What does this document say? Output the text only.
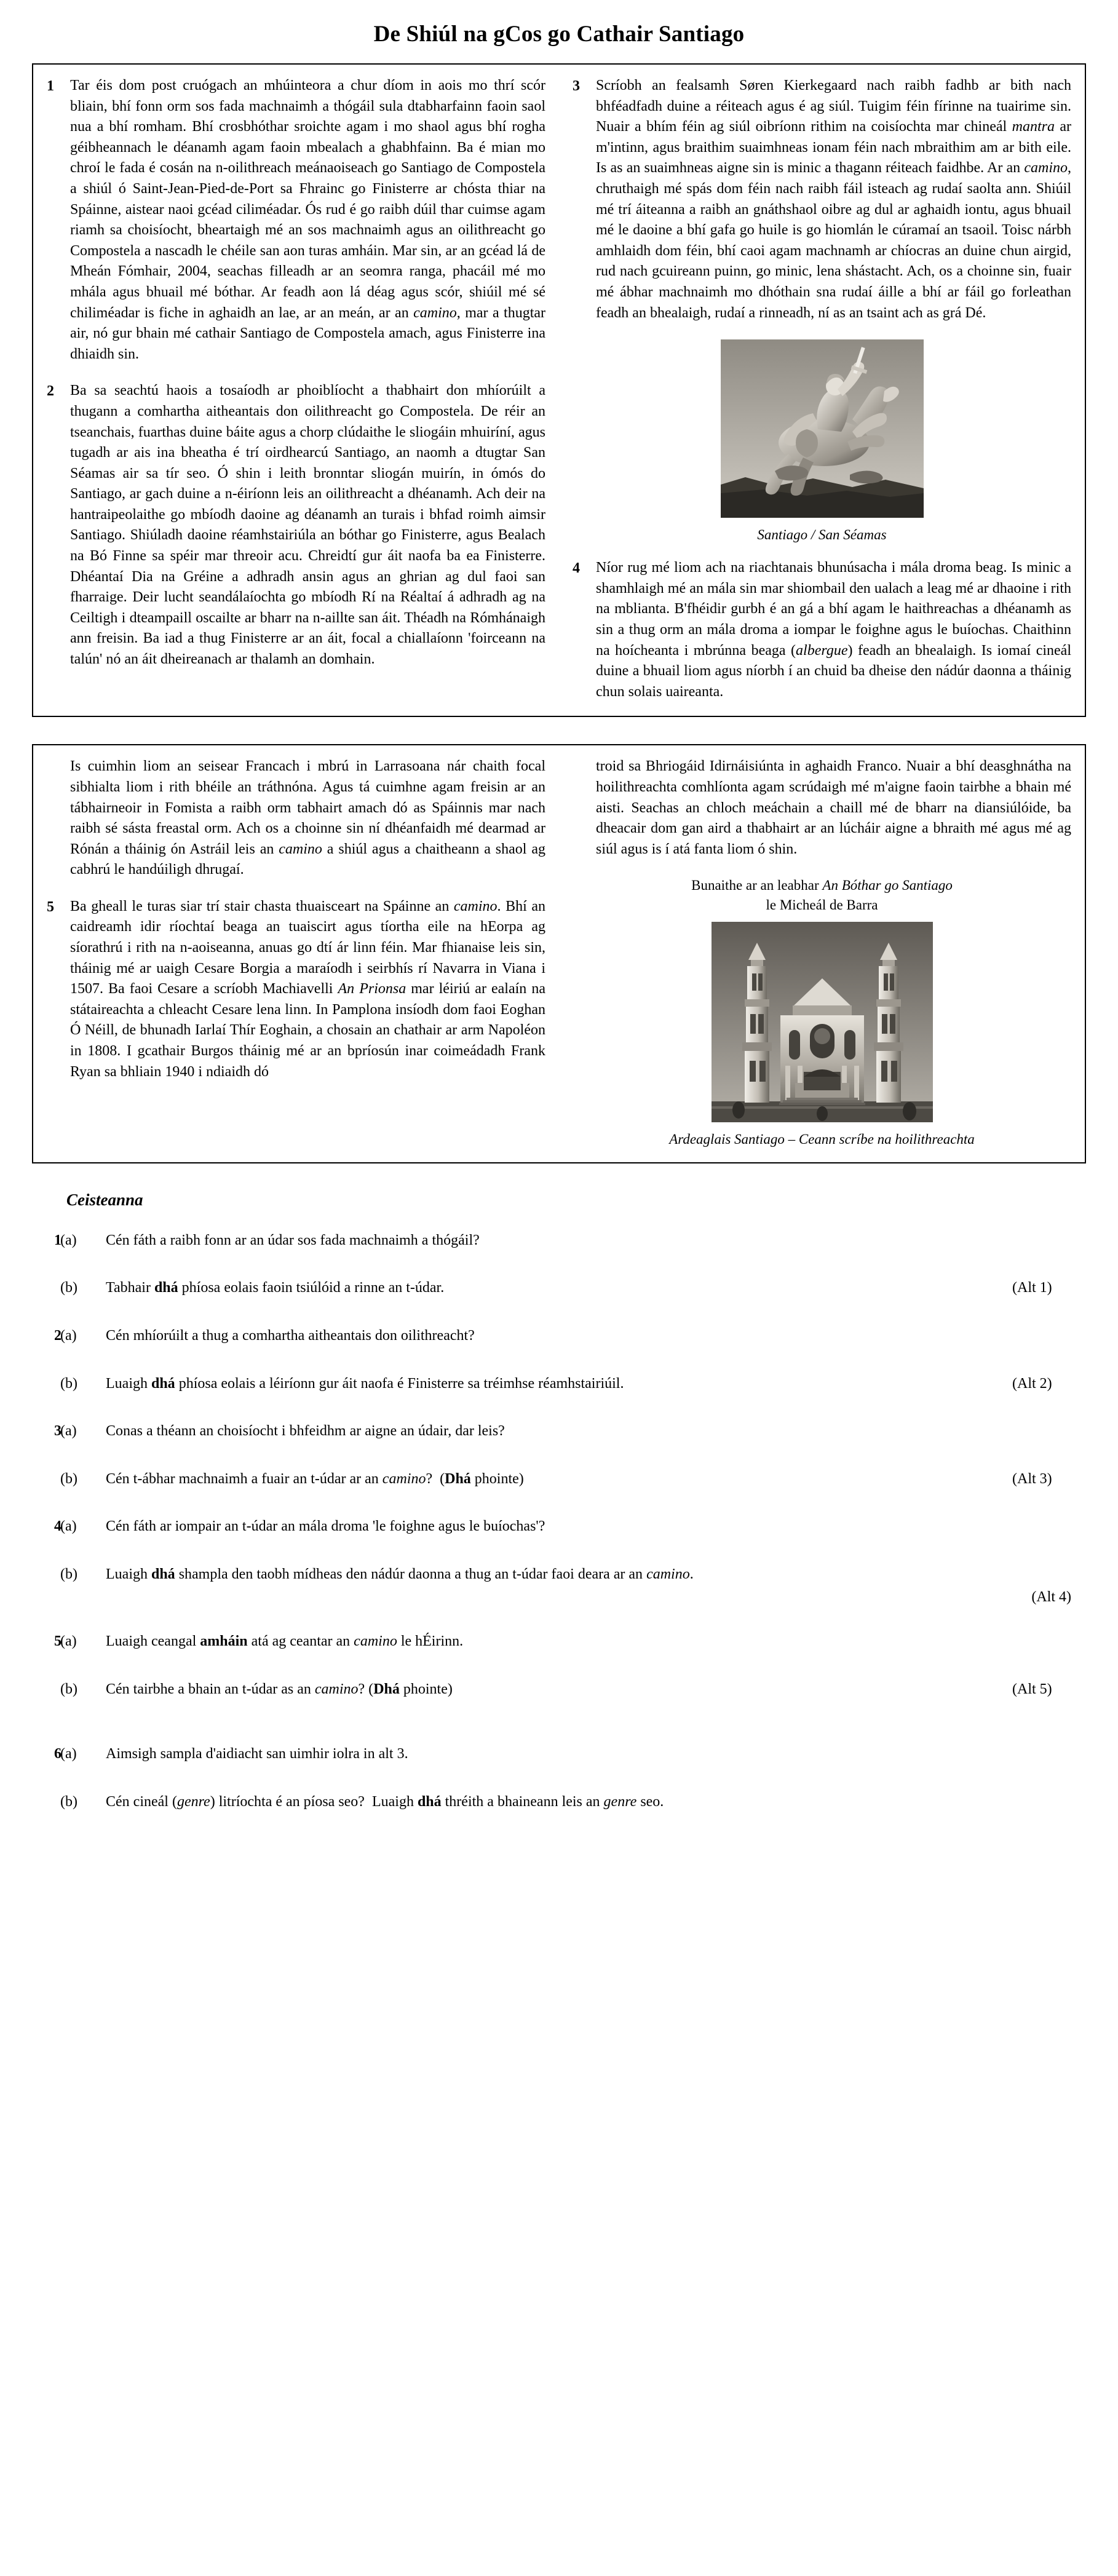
De Shiúl na gCos go Cathair Santiago
1	Tar éis dom post cruógach an mhúinteora a chur díom in aois mo thrí scór bliain, bhí fonn orm sos fada machnaimh a thógáil sula dtabharfainn faoin saol nua a bhí romham. Bhí crosbhóthar sroichte agam i mo shaol agus bhí rogha géibheannach le déanamh agam faoin mbealach a ghabhfainn. Ba é mian mo chroí le fada é cosán na n-oilithreach meánaoiseach go Santiago de Compostela a shiúl ó Saint-Jean-Pied-de-Port sa Fhrainc go Finisterre ar chósta thiar na Spáinne, aistear naoi gcéad ciliméadar. Ós rud é go raibh dúil thar cuimse agam riamh sa choisíocht, bheartaigh mé an sos machnaimh agus an oilithreacht go Compostela a nascadh le chéile san aon turas amháin. Mar sin, ar an gcéad lá de Mheán Fómhair, 2004, seachas filleadh ar an seomra ranga, phacáil mé mo mhála agus bhuail mé bóthar. Ar feadh aon lá déag agus scór, shiúil mé sé chiliméadar is fiche in aghaidh an lae, ar an meán, ar an camino, mar a thugtar air, nó gur bhain mé cathair Santiago de Compostela amach, agus Finisterre ina dhiaidh sin.
2	Ba sa seachtú haois a tosaíodh ar phoiblíocht a thabhairt don mhíorúilt a thugann a comhartha aitheantais don oilithreacht go Compostela. De réir an tseanchais, fuarthas duine báite agus a chorp clúdaithe le sliogáin mhuiríní, agus tugadh ar ais ina bheatha é trí oirdhearcú Santiago, an naomh a dtugtar San Séamas air sa tír seo. Ó shin i leith bronntar sliogán muirín, in ómós do Santiago, ar gach duine a n-éiríonn leis an oilithreacht a dhéanamh. Ach deir na hantraipeolaithe go mbíodh daoine ag déanamh an turais i bhfad roimh aimsir Santiago. Shiúladh daoine réamhstairiúla an bóthar go Finisterre, agus Bealach na Bó Finne sa spéir mar threoir acu. Chreidtí gur áit naofa ba ea Finisterre. Dhéantaí Dia na Gréine a adhradh ansin agus an ghrian ag dul faoi san fharraige. Deir lucht seandálaíochta go mbíodh Rí na Réaltaí á adhradh ag na Ceiltigh i dteampaill oscailte ar bharr na n-aillte san áit. Théadh na Rómhánaigh ann freisin. Ba iad a thug Finisterre ar an áit, focal a chiallaíonn 'foirceann na talún' nó an áit dheireanach ar thalamh an domhain.
3	Scríobh an fealsamh Søren Kierkegaard nach raibh fadhb ar bith nach bhféadfadh duine a réiteach agus é ag siúl. Tuigim féin fírinne na tuairime sin. Nuair a bhím féin ag siúl oibríonn rithim na coisíochta mar chineál mantra ar m'intinn, agus braithim suaimhneas ionam féin nach mbraithim am ar bith eile. Is as an suaimhneas aigne sin is minic a thagann réiteach faidhbe. Ar an camino, chruthaigh mé spás dom féin nach raibh fáil isteach ag rudaí saolta ann. Shiúil mé trí áiteanna a raibh an gnáthshaol oibre ag dul ar aghaidh iontu, agus bhuail mé le daoine a bhí gafa go huile is go hiomlán le cúramaí an tsaoil. Toisc nárbh amhlaidh dom féin, bhí caoi agam machnamh ar chíocras an duine chun airgid, rud nach gcuireann puinn, go minic, lena shástacht. Ach, os a choinne sin, fuair mé ábhar machnaimh mo dhóthain sna rudaí áille a bhí ar fáil go forleathan feadh an bhealaigh, rudaí a rinneadh, ní as an tsaint ach as grá Dé.
Santiago / San Séamas
4	Níor rug mé liom ach na riachtanais bhunúsacha i mála droma beag. Is minic a shamhlaigh mé an mála sin mar shiombail den ualach a leag mé ar dhaoine i rith na mblianta. B'fhéidir gurbh é an gá a bhí agam le haithreachas a dhéanamh as sin a thug orm an mála droma a iompar le foighne agus le buíochas. Chaithinn na hoícheanta i mbrúnna beaga (albergue) feadh an bhealaigh. Is iomaí cineál duine a bhuail liom agus níorbh í an chuid ba dheise den nádúr daonna a tháinig chun solais uaireanta.
Is cuimhin liom an seisear Francach i mbrú in Larrasoana nár chaith focal sibhialta liom i rith bhéile an tráthnóna. Agus tá cuimhne agam freisin ar an tábhairneoir in Fomista a raibh orm tabhairt amach dó as Spáinnis mar nach raibh sé sásta freastal orm. Ach os a choinne sin ní dhéanfaidh mé dearmad ar Rónán a tháinig ón Astráil leis an camino a shiúl agus a chaitheann a shaol ag cabhrú le handúiligh dhrugaí.
5	Ba gheall le turas siar trí stair chasta thuaisceart na Spáinne an camino. Bhí an caidreamh idir ríochtaí beaga an tuaiscirt agus tíortha eile na hEorpa ag síorathrú i rith na n-aoiseanna, anuas go dtí ár linn féin. Mar fhianaise leis sin, tháinig mé ar uaigh Cesare Borgia a maraíodh i seirbhís rí Navarra in Viana i 1507. Ba faoi Cesare a scríobh Machiavelli An Prionsa mar léiriú ar ealaín na státaireachta a chleacht Cesare lena linn. In Pamplona insíodh dom faoi Eoghan Ó Néill, de bhunadh Iarlaí Thír Eoghain, a chosain an chathair ar arm Napoléon in 1808. I gcathair Burgos tháinig mé ar an bpríosún inar coimeádadh Frank Ryan sa bhliain 1940 i ndiaidh dó
troid sa Bhriogáid Idirnáisiúnta in aghaidh Franco. Nuair a bhí deasghnátha na hoilithreachta comhlíonta agam scrúdaigh mé m'aigne faoin tairbhe a bhain mé aisti. Seachas an chloch meáchain a chaill mé de bharr na diansiúlóide, ba dheacair dom gan aird a thabhairt ar an lúcháir aigne a bhraith mé agus mé ag siúl agus is í atá fanta liom ó shin.
Bunaithe ar an leabhar An Bóthar go Santiago
le Micheál de Barra
Ardeaglais Santiago – Ceann scríbe na hoilithreachta
Ceisteanna
1
(a)	Cén fáth a raibh fonn ar an údar sos fada machnaimh a thógáil?
(b)	Tabhair dhá phíosa eolais faoin tsiúlóid a rinne an t-údar.	(Alt 1)
2
(a)	Cén mhíorúilt a thug a comhartha aitheantais don oilithreacht?
(b)	Luaigh dhá phíosa eolais a léiríonn gur áit naofa é Finisterre sa tréimhse réamhstairiúil.	(Alt 2)
3
(a)	Conas a théann an choisíocht i bhfeidhm ar aigne an údair, dar leis?
(b)	Cén t-ábhar machnaimh a fuair an t-údar ar an camino?  (Dhá phointe)	(Alt 3)
4
(a)	Cén fáth ar iompair an t-údar an mála droma 'le foighne agus le buíochas'?
(b)	Luaigh dhá shampla den taobh mídheas den nádúr daonna a thug an t-údar faoi deara ar an camino.
(Alt 4)
5
(a)	Luaigh ceangal amháin atá ag ceantar an camino le hÉirinn.
(b)	Cén tairbhe a bhain an t-údar as an camino? (Dhá phointe)	(Alt 5)
6
(a)	Aimsigh sampla d'aidiacht san uimhir iolra in alt 3.
(b)	Cén cineál (genre) litríochta é an píosa seo?  Luaigh dhá thréith a bhaineann leis an genre seo.
